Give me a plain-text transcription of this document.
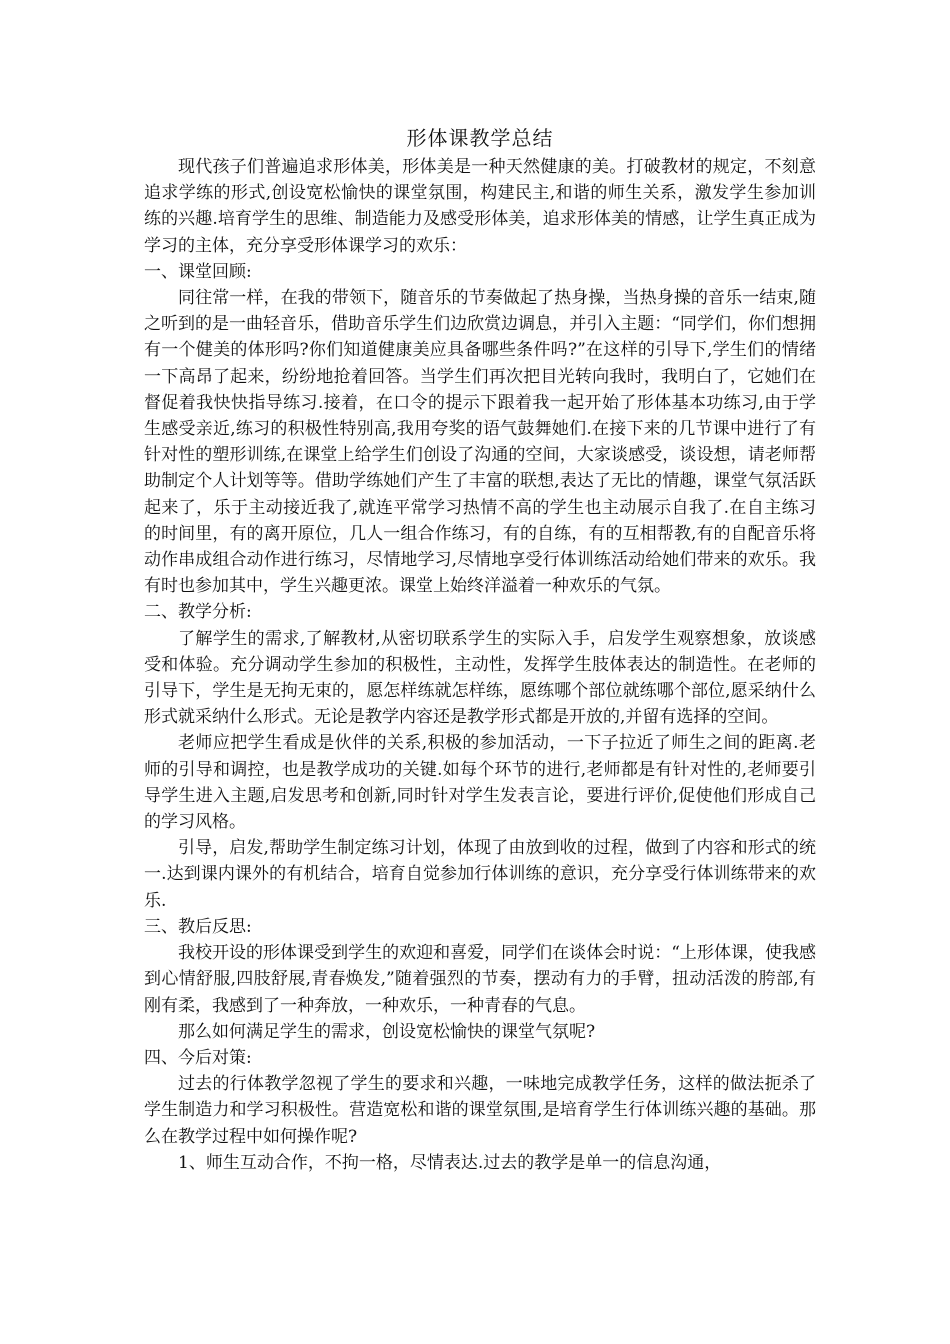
形体课教学总结

现代孩子们普遍追求形体美，形体美是一种天然健康的美。打破教材的规定，不刻意追求学练的形式,创设宽松愉快的课堂氛围，构建民主,和谐的师生关系，激发学生参加训练的兴趣.培育学生的思维、制造能力及感受形体美，追求形体美的情感，让学生真正成为学习的主体，充分享受形体课学习的欢乐：

一、课堂回顾:

同往常一样，在我的带领下，随音乐的节奏做起了热身操，当热身操的音乐一结束,随之听到的是一曲轻音乐，借助音乐学生们边欣赏边调息，并引入主题：“同学们，你们想拥有一个健美的体形吗?你们知道健康美应具备哪些条件吗?”在这样的引导下,学生们的情绪一下高昂了起来，纷纷地抢着回答。当学生们再次把目光转向我时，我明白了，它她们在督促着我快快指导练习.接着，在口令的提示下跟着我一起开始了形体基本功练习,由于学生感受亲近,练习的积极性特别高,我用夸奖的语气鼓舞她们.在接下来的几节课中进行了有针对性的塑形训练,在课堂上给学生们创设了沟通的空间，大家谈感受，谈设想，请老师帮助制定个人计划等等。借助学练她们产生了丰富的联想,表达了无比的情趣，课堂气氛活跃起来了，乐于主动接近我了,就连平常学习热情不高的学生也主动展示自我了.在自主练习的时间里，有的离开原位，几人一组合作练习，有的自练，有的互相帮教,有的自配音乐将动作串成组合动作进行练习，尽情地学习,尽情地享受行体训练活动给她们带来的欢乐。我有时也参加其中，学生兴趣更浓。课堂上始终洋溢着一种欢乐的气氛。

二、教学分析:

了解学生的需求,了解教材,从密切联系学生的实际入手，启发学生观察想象，放谈感受和体验。充分调动学生参加的积极性，主动性，发挥学生肢体表达的制造性。在老师的引导下，学生是无拘无束的，愿怎样练就怎样练，愿练哪个部位就练哪个部位,愿采纳什么形式就采纳什么形式。无论是教学内容还是教学形式都是开放的,并留有选择的空间。

老师应把学生看成是伙伴的关系,积极的参加活动，一下子拉近了师生之间的距离.老师的引导和调控，也是教学成功的关键.如每个环节的进行,老师都是有针对性的,老师要引导学生进入主题,启发思考和创新,同时针对学生发表言论，要进行评价,促使他们形成自己的学习风格。

引导，启发,帮助学生制定练习计划，体现了由放到收的过程，做到了内容和形式的统一.达到课内课外的有机结合，培育自觉参加行体训练的意识，充分享受行体训练带来的欢乐.

三、教后反思:

我校开设的形体课受到学生的欢迎和喜爱，同学们在谈体会时说：“上形体课，使我感到心情舒服,四肢舒展,青春焕发,”随着强烈的节奏，摆动有力的手臂，扭动活泼的胯部,有刚有柔，我感到了一种奔放，一种欢乐，一种青春的气息。

那么如何满足学生的需求，创设宽松愉快的课堂气氛呢?

四、今后对策:

过去的行体教学忽视了学生的要求和兴趣，一味地完成教学任务，这样的做法扼杀了学生制造力和学习积极性。营造宽松和谐的课堂氛围,是培育学生行体训练兴趣的基础。那么在教学过程中如何操作呢?

1、师生互动合作，不拘一格，尽情表达.过去的教学是单一的信息沟通，
